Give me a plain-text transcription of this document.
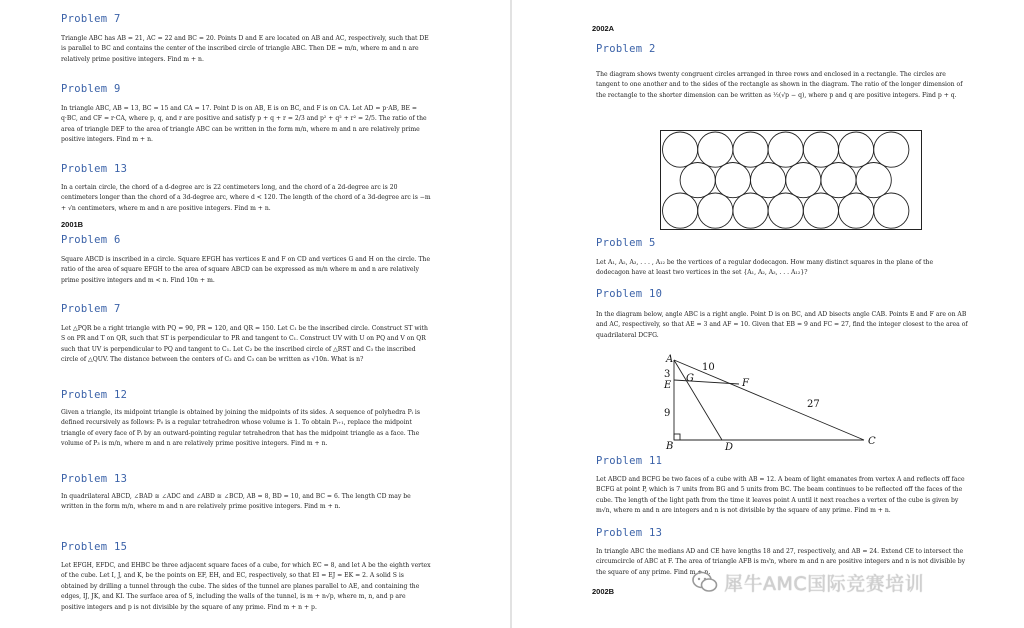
Problem 7
Triangle ABC has AB = 21, AC = 22 and BC = 20. Points D and E are located on AB and AC, respectively, such that DE is parallel to BC and contains the center of the inscribed circle of triangle ABC. Then DE = m/n, where m and n are relatively prime positive integers. Find m + n.
Problem 9
In triangle ABC, AB = 13, BC = 15 and CA = 17. Point D is on AB, E is on BC, and F is on CA. Let AD = p·AB, BE = q·BC, and CF = r·CA, where p, q, and r are positive and satisfy p + q + r = 2/3 and p² + q² + r² = 2/5. The ratio of the area of triangle DEF to the area of triangle ABC can be written in the form m/n, where m and n are relatively prime positive integers. Find m + n.
Problem 13
In a certain circle, the chord of a d-degree arc is 22 centimeters long, and the chord of a 2d-degree arc is 20 centimeters longer than the chord of a 3d-degree arc, where d < 120. The length of the chord of a 3d-degree arc is −m + √n centimeters, where m and n are positive integers. Find m + n.
2001B
Problem 6
Square ABCD is inscribed in a circle. Square EFGH has vertices E and F on CD and vertices G and H on the circle. The ratio of the area of square EFGH to the area of square ABCD can be expressed as m/n where m and n are relatively prime positive integers and m < n. Find 10n + m.
Problem 7
Let △PQR be a right triangle with PQ = 90, PR = 120, and QR = 150. Let C₁ be the inscribed circle. Construct ST with S on PR and T on QR, such that ST is perpendicular to PR and tangent to C₁. Construct UV with U on PQ and V on QR such that UV is perpendicular to PQ and tangent to C₁. Let C₂ be the inscribed circle of △RST and C₃ the inscribed circle of △QUV. The distance between the centers of C₂ and C₃ can be written as √10n. What is n?
Problem 12
Given a triangle, its midpoint triangle is obtained by joining the midpoints of its sides. A sequence of polyhedra Pᵢ is defined recursively as follows: P₀ is a regular tetrahedron whose volume is 1. To obtain Pᵢ₊₁, replace the midpoint triangle of every face of Pᵢ by an outward-pointing regular tetrahedron that has the midpoint triangle as a face. The volume of P₃ is m/n, where m and n are relatively prime positive integers. Find m + n.
Problem 13
In quadrilateral ABCD, ∠BAD ≅ ∠ADC and ∠ABD ≅ ∠BCD, AB = 8, BD = 10, and BC = 6. The length CD may be written in the form m/n, where m and n are relatively prime positive integers. Find m + n.
Problem 15
Let EFGH, EFDC, and EHBC be three adjacent square faces of a cube, for which EC = 8, and let A be the eighth vertex of the cube. Let I, J, and K, be the points on EF, EH, and EC, respectively, so that EI = EJ = EK = 2. A solid S is obtained by drilling a tunnel through the cube. The sides of the tunnel are planes parallel to AE, and containing the edges, IJ, JK, and KI. The surface area of S, including the walls of the tunnel, is m + n√p, where m, n, and p are positive integers and p is not divisible by the square of any prime. Find m + n + p.
2002A
Problem 2
The diagram shows twenty congruent circles arranged in three rows and enclosed in a rectangle. The circles are tangent to one another and to the sides of the rectangle as shown in the diagram. The ratio of the longer dimension of the rectangle to the shorter dimension can be written as ½(√p − q), where p and q are positive integers. Find p + q.
Problem 5
Let A₁, A₂, A₃, . . . , A₁₂ be the vertices of a regular dodecagon. How many distinct squares in the plane of the dodecagon have at least two vertices in the set {A₁, A₂, A₃, . . . A₁₂}?
Problem 10
In the diagram below, angle ABC is a right angle. Point D is on BC, and AD bisects angle CAB. Points E and F are on AB and AC, respectively, so that AE = 3 and AF = 10. Given that EB = 9 and FC = 27, find the integer closest to the area of quadrilateral DCFG.
A
B	C
D
E	F
G
3
9
10
27
Problem 11
Let ABCD and BCFG be two faces of a cube with AB = 12. A beam of light emanates from vertex A and reflects off face BCFG at point P, which is 7 units from BG and 5 units from BC. The beam continues to be reflected off the faces of the cube. The length of the light path from the time it leaves point A until it next reaches a vertex of the cube is given by m√n, where m and n are integers and n is not divisible by the square of any prime. Find m + n.
Problem 13
In triangle ABC the medians AD and CE have lengths 18 and 27, respectively, and AB = 24. Extend CE to intersect the circumcircle of ABC at F. The area of triangle AFB is m√n, where m and n are positive integers and n is not divisible by the square of any prime. Find m + n.
2002B	犀牛AMC国际竞赛培训
